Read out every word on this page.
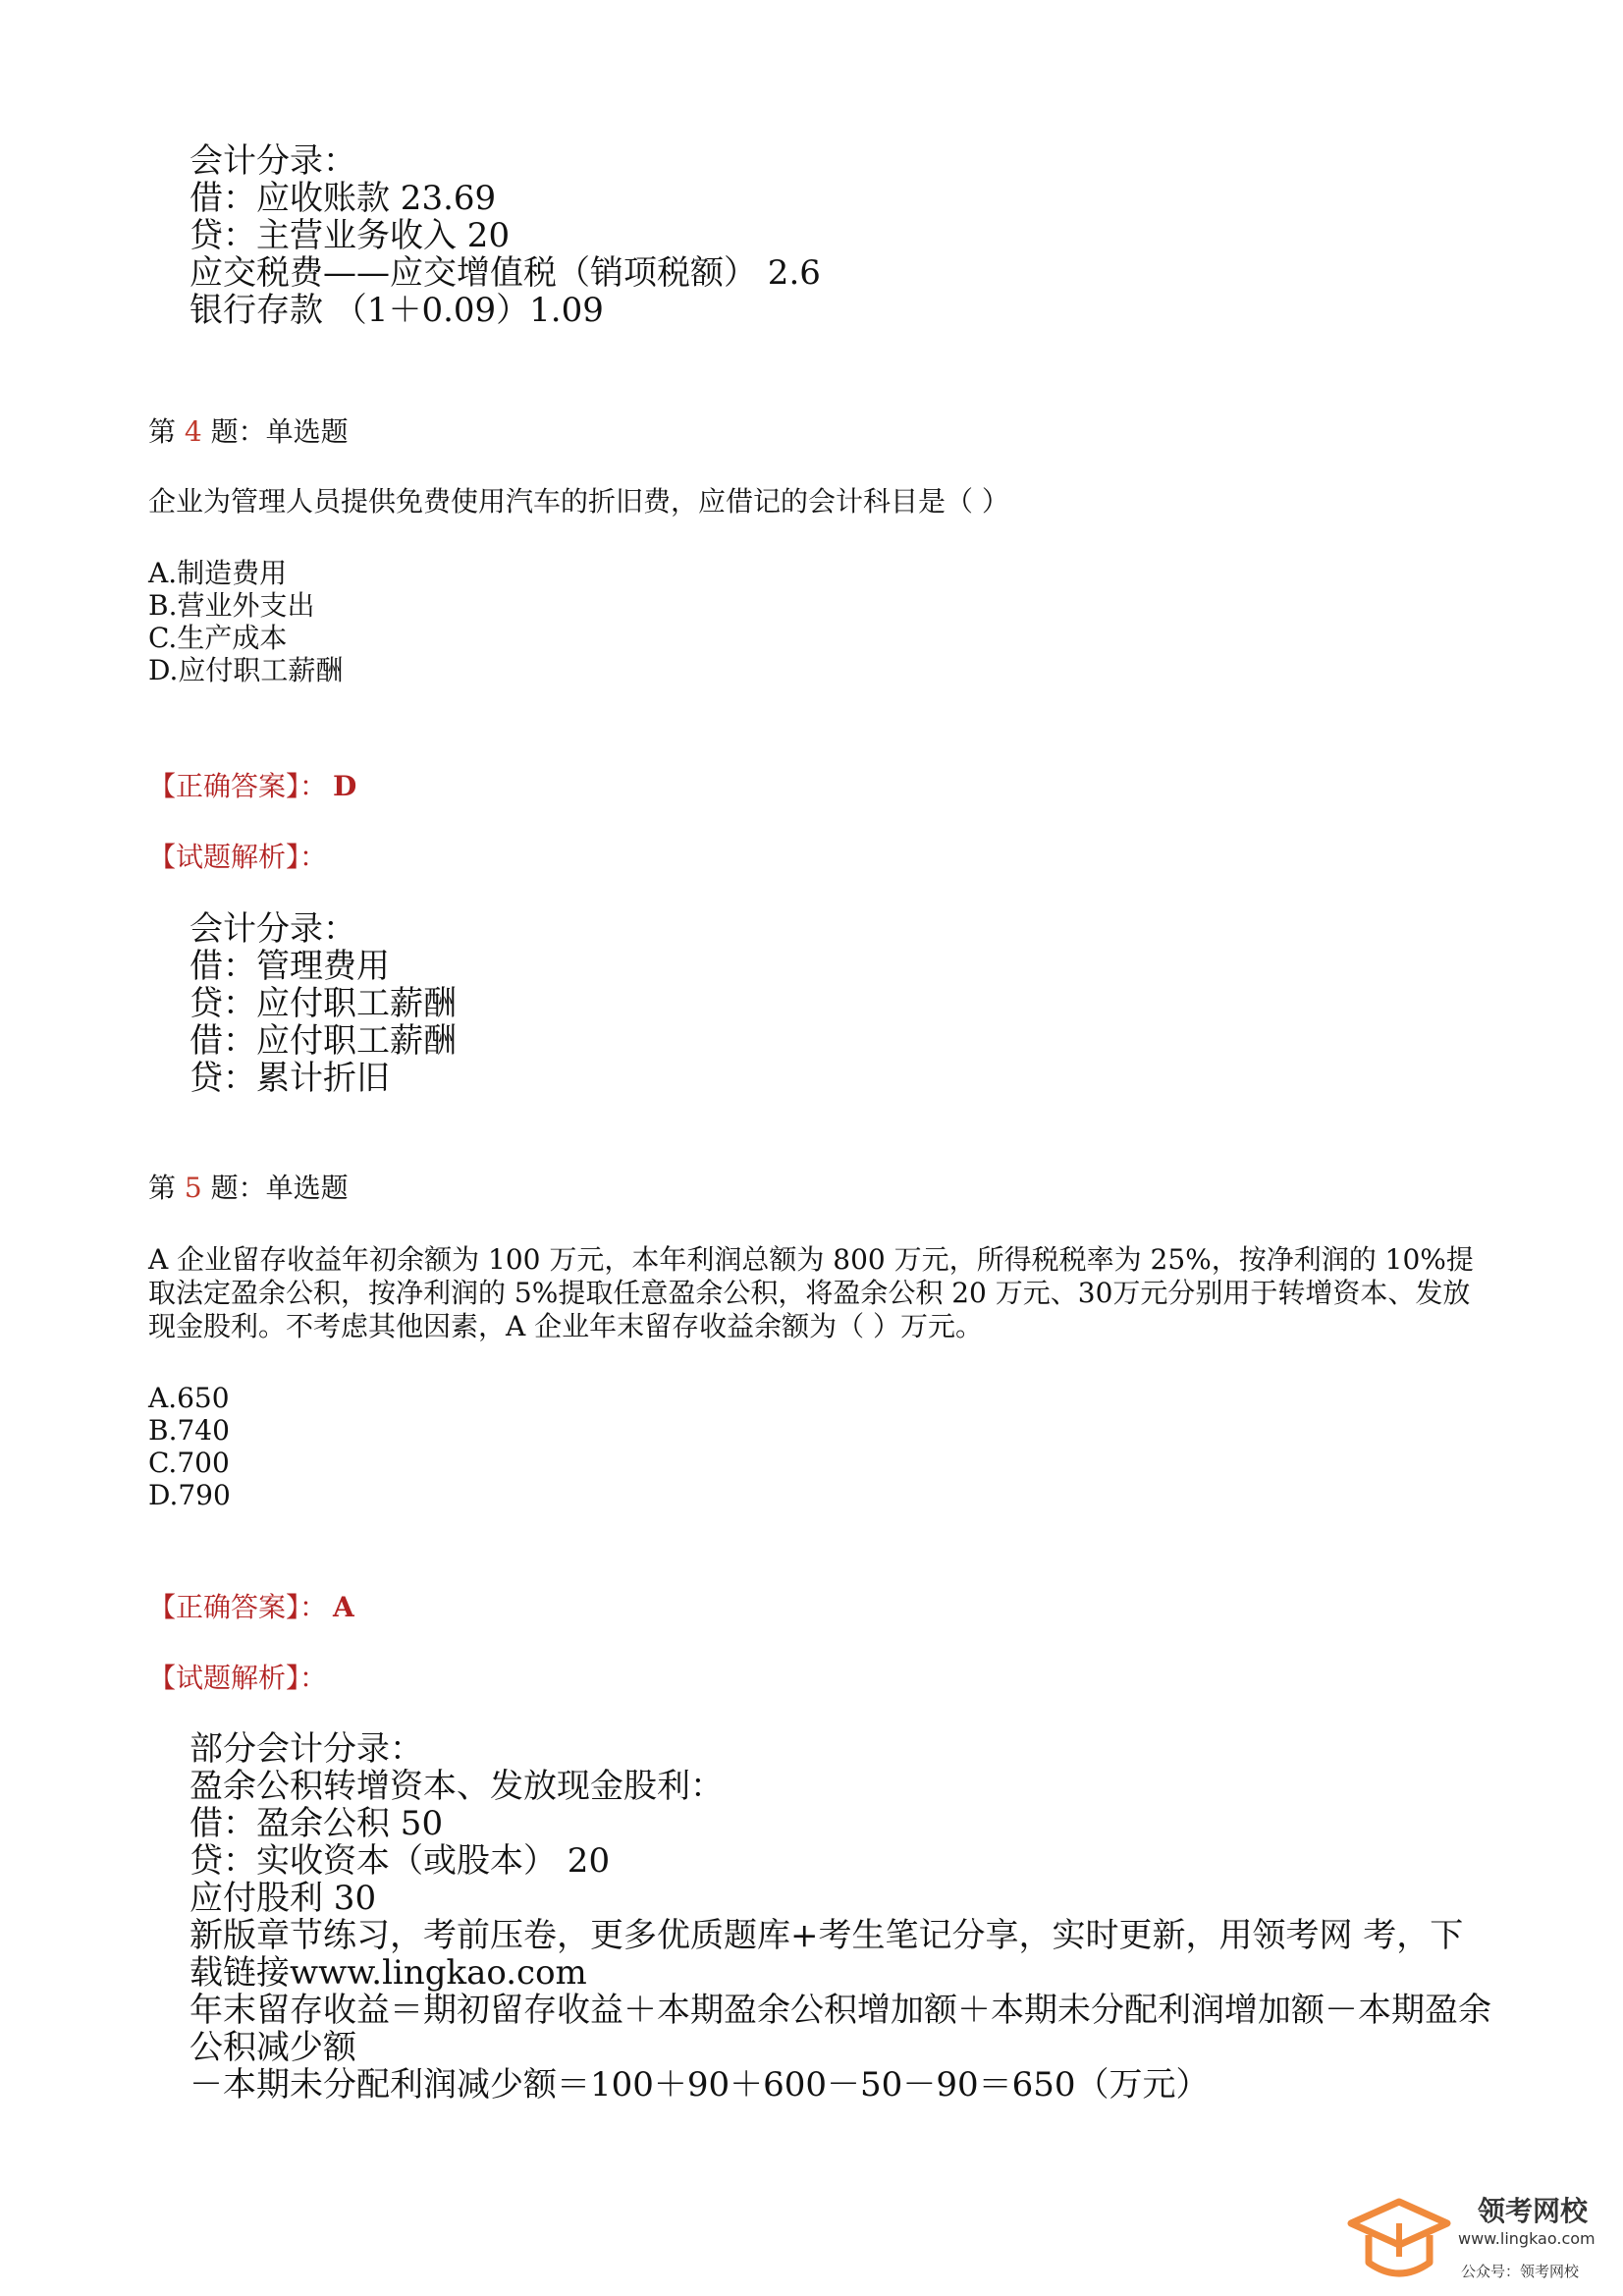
会计分录：
借：应收账款 23.69
贷：主营业务收入 20
应交税费——应交增值税（销项税额） 2.6
银行存款 （1＋0.09）1.09
第 4 题：单选题
企业为管理人员提供免费使用汽车的折旧费，应借记的会计科目是（ ）
A.制造费用
B.营业外支出
C.生产成本
D.应付职工薪酬
【正确答案】： D
【试题解析】：
会计分录：
借：管理费用
贷：应付职工薪酬
借：应付职工薪酬
贷：累计折旧
第 5 题：单选题
A 企业留存收益年初余额为 100 万元，本年利润总额为 800 万元，所得税税率为 25%，按净利润的 10%提取法定盈余公积，按净利润的 5%提取任意盈余公积，将盈余公积 20 万元、30万元分别用于转增资本、发放现金股利。不考虑其他因素，A 企业年末留存收益余额为（ ）万元。
A.650
B.740
C.700
D.790
【正确答案】： A
【试题解析】：
部分会计分录：
盈余公积转增资本、发放现金股利：
借：盈余公积 50
贷：实收资本（或股本） 20
应付股利 30
新版章节练习，考前压卷，更多优质题库+考生笔记分享，实时更新，用领考网 考，下
载链接www.lingkao.com
年末留存收益＝期初留存收益＋本期盈余公积增加额＋本期未分配利润增加额－本期盈余
公积减少额
－本期未分配利润减少额＝100＋90＋600－50－90＝650（万元）
领考网校
www.lingkao.com
公众号：领考网校
